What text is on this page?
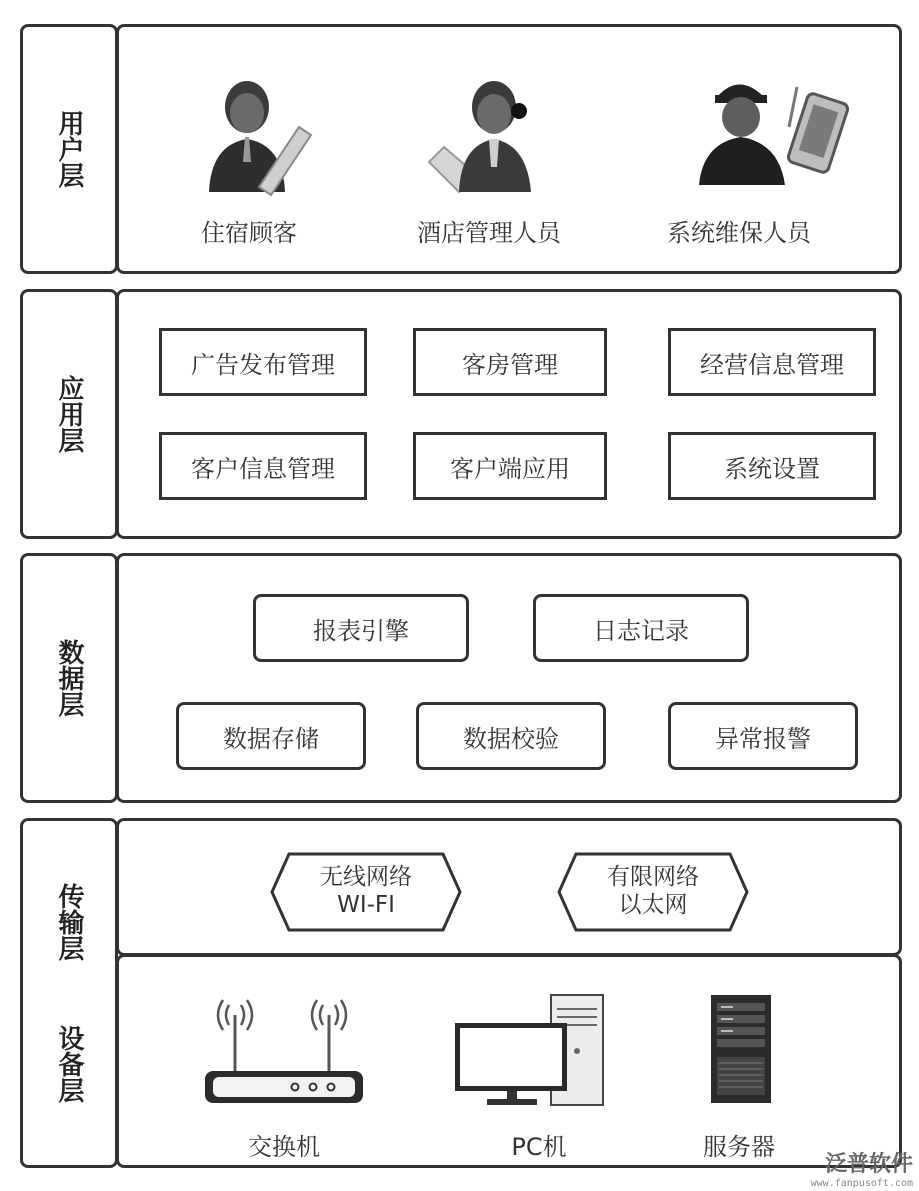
用户层
住宿顾客	酒店管理人员	系统维保人员
应用层
广告发布管理	客房管理	经营信息管理
客户信息管理	客户端应用	系统设置
数据层
报表引擎	日志记录
数据存储	数据校验	异常报警
传输层
设备层
无线网络
WI-FI
有限网络
以太网
交换机	PC机	服务器
泛普软件
www.fanpusoft.com
